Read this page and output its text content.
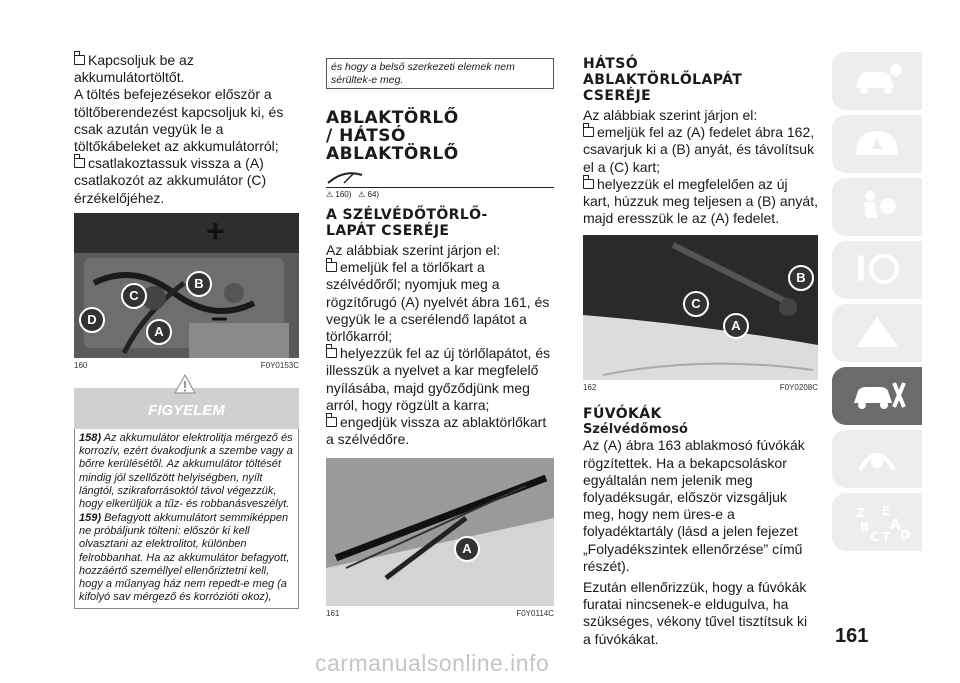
Kapcsoljuk be az akkumulátortöltőt.

A töltés befejezésekor először a töltőberendezést kapcsoljuk ki, és csak azután vegyük le a töltőkábeleket az akkumulátorról;

csatlakoztassuk vissza a (A) csatlakozót az akkumulátor (C) érzékelőjéhez.

+
–
C
B
D
A
160	F0Y0153C
FIGYELEM
158) Az akkumulátor elektrolitja mérgező és korrozív, ezért óvakodjunk a szembe vagy a bőrre kerülésétől. Az akkumulátor töltését mindig jól szellőzött helyiségben, nyílt lángtól, szikraforrásoktól távol végezzük, hogy elkerüljük a tűz- és robbanásveszélyt.
159) Befagyott akkumulátort semmiképpen ne próbáljunk tölteni: először ki kell olvasztani az elektrolitot, különben felrobbanhat. Ha az akkumulátor befagyott, hozzáértő személlyel ellenőriztetni kell, hogy a műanyag ház nem repedt-e meg (a kifolyó sav mérgező és korrózióti okoz),
és hogy a belső szerkezeti elemek nem sérültek-e meg.

ABLAKTÖRLŐ

/ HÁTSÓ

ABLAKTÖRLŐ

⚠ 160) ⚠ 64)

A SZÉLVÉDŐTÖRLŐ-

LAPÁT CSERÉJE

Az alábbiak szerint járjon el:

emeljük fel a törlőkart a szélvédőről; nyomjuk meg a rögzítőrugó (A) nyelvét ábra 161, és vegyük le a cserélendő lapátot a törlőkarról;

helyezzük fel az új törlőlapátot, és illesszük a nyelvet a kar megfelelő nyílásába, majd győződjünk meg arról, hogy rögzült a karra;

engedjük vissza az ablaktörlőkart a szélvédőre.

A
161	F0Y0114C

HÁTSÓ

ABLAKTÖRLŐLAPÁT

CSERÉJE

Az alábbiak szerint járjon el:

emeljük fel az (A) fedelet ábra 162, csavarjuk ki a (B) anyát, és távolítsuk el a (C) kart;

helyezzük el megfelelően az új kart, húzzuk meg teljesen a (B) anyát, majd eresszük le az (A) fedelet.

B
C
A
162	F0Y0208C

FÚVÓKÁK

Szélvédőmosó

Az (A) ábra 163 ablakmosó fúvókák rögzítettek. Ha a bekapcsoláskor egyáltalán nem jelenik meg folyadéksugár, először vizsgáljuk meg, hogy nem üres-e a folyadéktartály (lásd a jelen fejezet „Folyadékszintek ellenőrzése” című részét).

Ezután ellenőrizzük, hogy a fúvókák furatai nincsenek-e eldugulva, ha szükséges, vékony tűvel tisztítsuk ki a fúvókákat.

Z E
B A
C T D
161
carmanualsonline.info
